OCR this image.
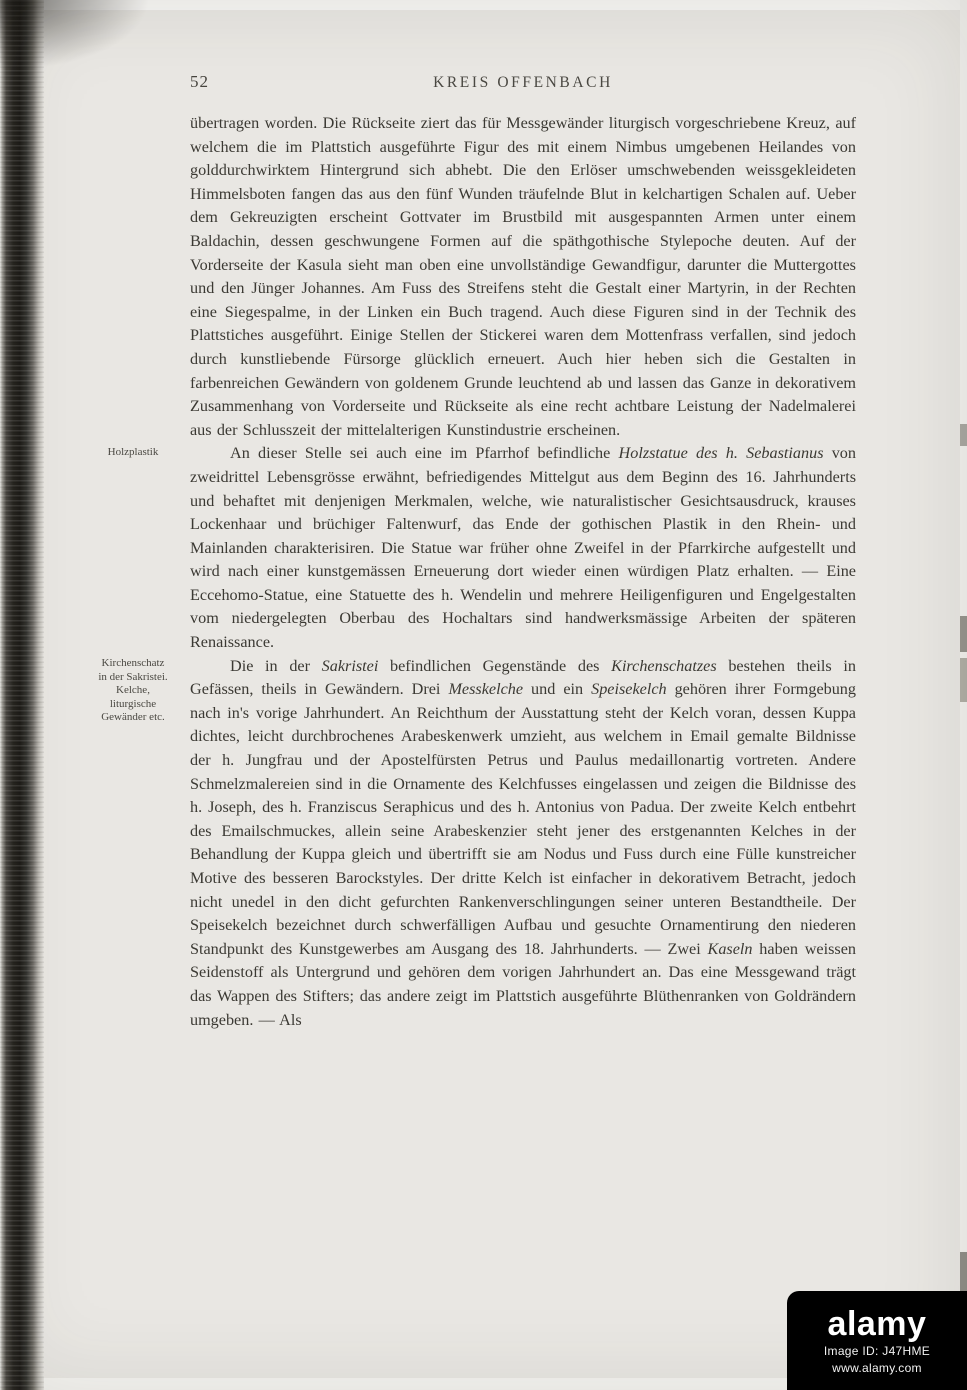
52	KREIS OFFENBACH

übertragen worden. Die Rückseite ziert das für Messgewänder liturgisch vorgeschriebene Kreuz, auf welchem die im Plattstich ausgeführte Figur des mit einem Nimbus umgebenen Heilandes von golddurchwirktem Hintergrund sich abhebt. Die den Erlöser umschwebenden weissgekleideten Himmelsboten fangen das aus den fünf Wunden träufelnde Blut in kelchartigen Schalen auf. Ueber dem Gekreuzigten erscheint Gottvater im Brustbild mit ausgespannten Armen unter einem Baldachin, dessen geschwungene Formen auf die späthgothische Stylepoche deuten. Auf der Vorderseite der Kasula sieht man oben eine unvollständige Gewandfigur, darunter die Muttergottes und den Jünger Johannes. Am Fuss des Streifens steht die Gestalt einer Martyrin, in der Rechten eine Siegespalme, in der Linken ein Buch tragend. Auch diese Figuren sind in der Technik des Plattstiches ausgeführt. Einige Stellen der Stickerei waren dem Mottenfrass verfallen, sind jedoch durch kunstliebende Fürsorge glücklich erneuert. Auch hier heben sich die Gestalten in farbenreichen Gewändern von goldenem Grunde leuchtend ab und lassen das Ganze in dekorativem Zusammenhang von Vorderseite und Rückseite als eine recht achtbare Leistung der Nadelmalerei aus der Schlusszeit der mittelalterigen Kunstindustrie erscheinen.

An dieser Stelle sei auch eine im Pfarrhof befindliche Holzstatue des h. Sebastianus von zweidrittel Lebensgrösse erwähnt, befriedigendes Mittelgut aus dem Beginn des 16. Jahrhunderts und behaftet mit denjenigen Merkmalen, welche, wie naturalistischer Gesichtsausdruck, krauses Lockenhaar und brüchiger Faltenwurf, das Ende der gothischen Plastik in den Rhein- und Mainlanden charakterisiren. Die Statue war früher ohne Zweifel in der Pfarrkirche aufgestellt und wird nach einer kunstgemässen Erneuerung dort wieder einen würdigen Platz erhalten. — Eine Eccehomo-Statue, eine Statuette des h. Wendelin und mehrere Heiligenfiguren und Engelgestalten vom niedergelegten Oberbau des Hochaltars sind handwerksmässige Arbeiten der späteren Renaissance.

Die in der Sakristei befindlichen Gegenstände des Kirchenschatzes bestehen theils in Gefässen, theils in Gewändern. Drei Messkelche und ein Speisekelch gehören ihrer Formgebung nach in's vorige Jahrhundert. An Reichthum der Ausstattung steht der Kelch voran, dessen Kuppa dichtes, leicht durchbrochenes Arabeskenwerk umzieht, aus welchem in Email gemalte Bildnisse der h. Jungfrau und der Apostelfürsten Petrus und Paulus medaillonartig vortreten. Andere Schmelzmalereien sind in die Ornamente des Kelchfusses eingelassen und zeigen die Bildnisse des h. Joseph, des h. Franziscus Seraphicus und des h. Antonius von Padua. Der zweite Kelch entbehrt des Emailschmuckes, allein seine Arabeskenzier steht jener des erstgenannten Kelches in der Behandlung der Kuppa gleich und übertrifft sie am Nodus und Fuss durch eine Fülle kunstreicher Motive des besseren Barockstyles. Der dritte Kelch ist einfacher in dekorativem Betracht, jedoch nicht unedel in den dicht gefurchten Rankenverschlingungen seiner unteren Bestandtheile. Der Speisekelch bezeichnet durch schwerfälligen Aufbau und gesuchte Ornamentirung den niederen Standpunkt des Kunstgewerbes am Ausgang des 18. Jahrhunderts. — Zwei Kaseln haben weissen Seidenstoff als Untergrund und gehören dem vorigen Jahrhundert an. Das eine Messgewand trägt das Wappen des Stifters; das andere zeigt im Plattstich ausgeführte Blüthenranken von Goldrändern umgeben. — Als

Holzplastik
Kirchenschatz
in der Sakristei.
Kelche,
liturgische
Gewänder etc.
alamy
Image ID: J47HME
www.alamy.com
